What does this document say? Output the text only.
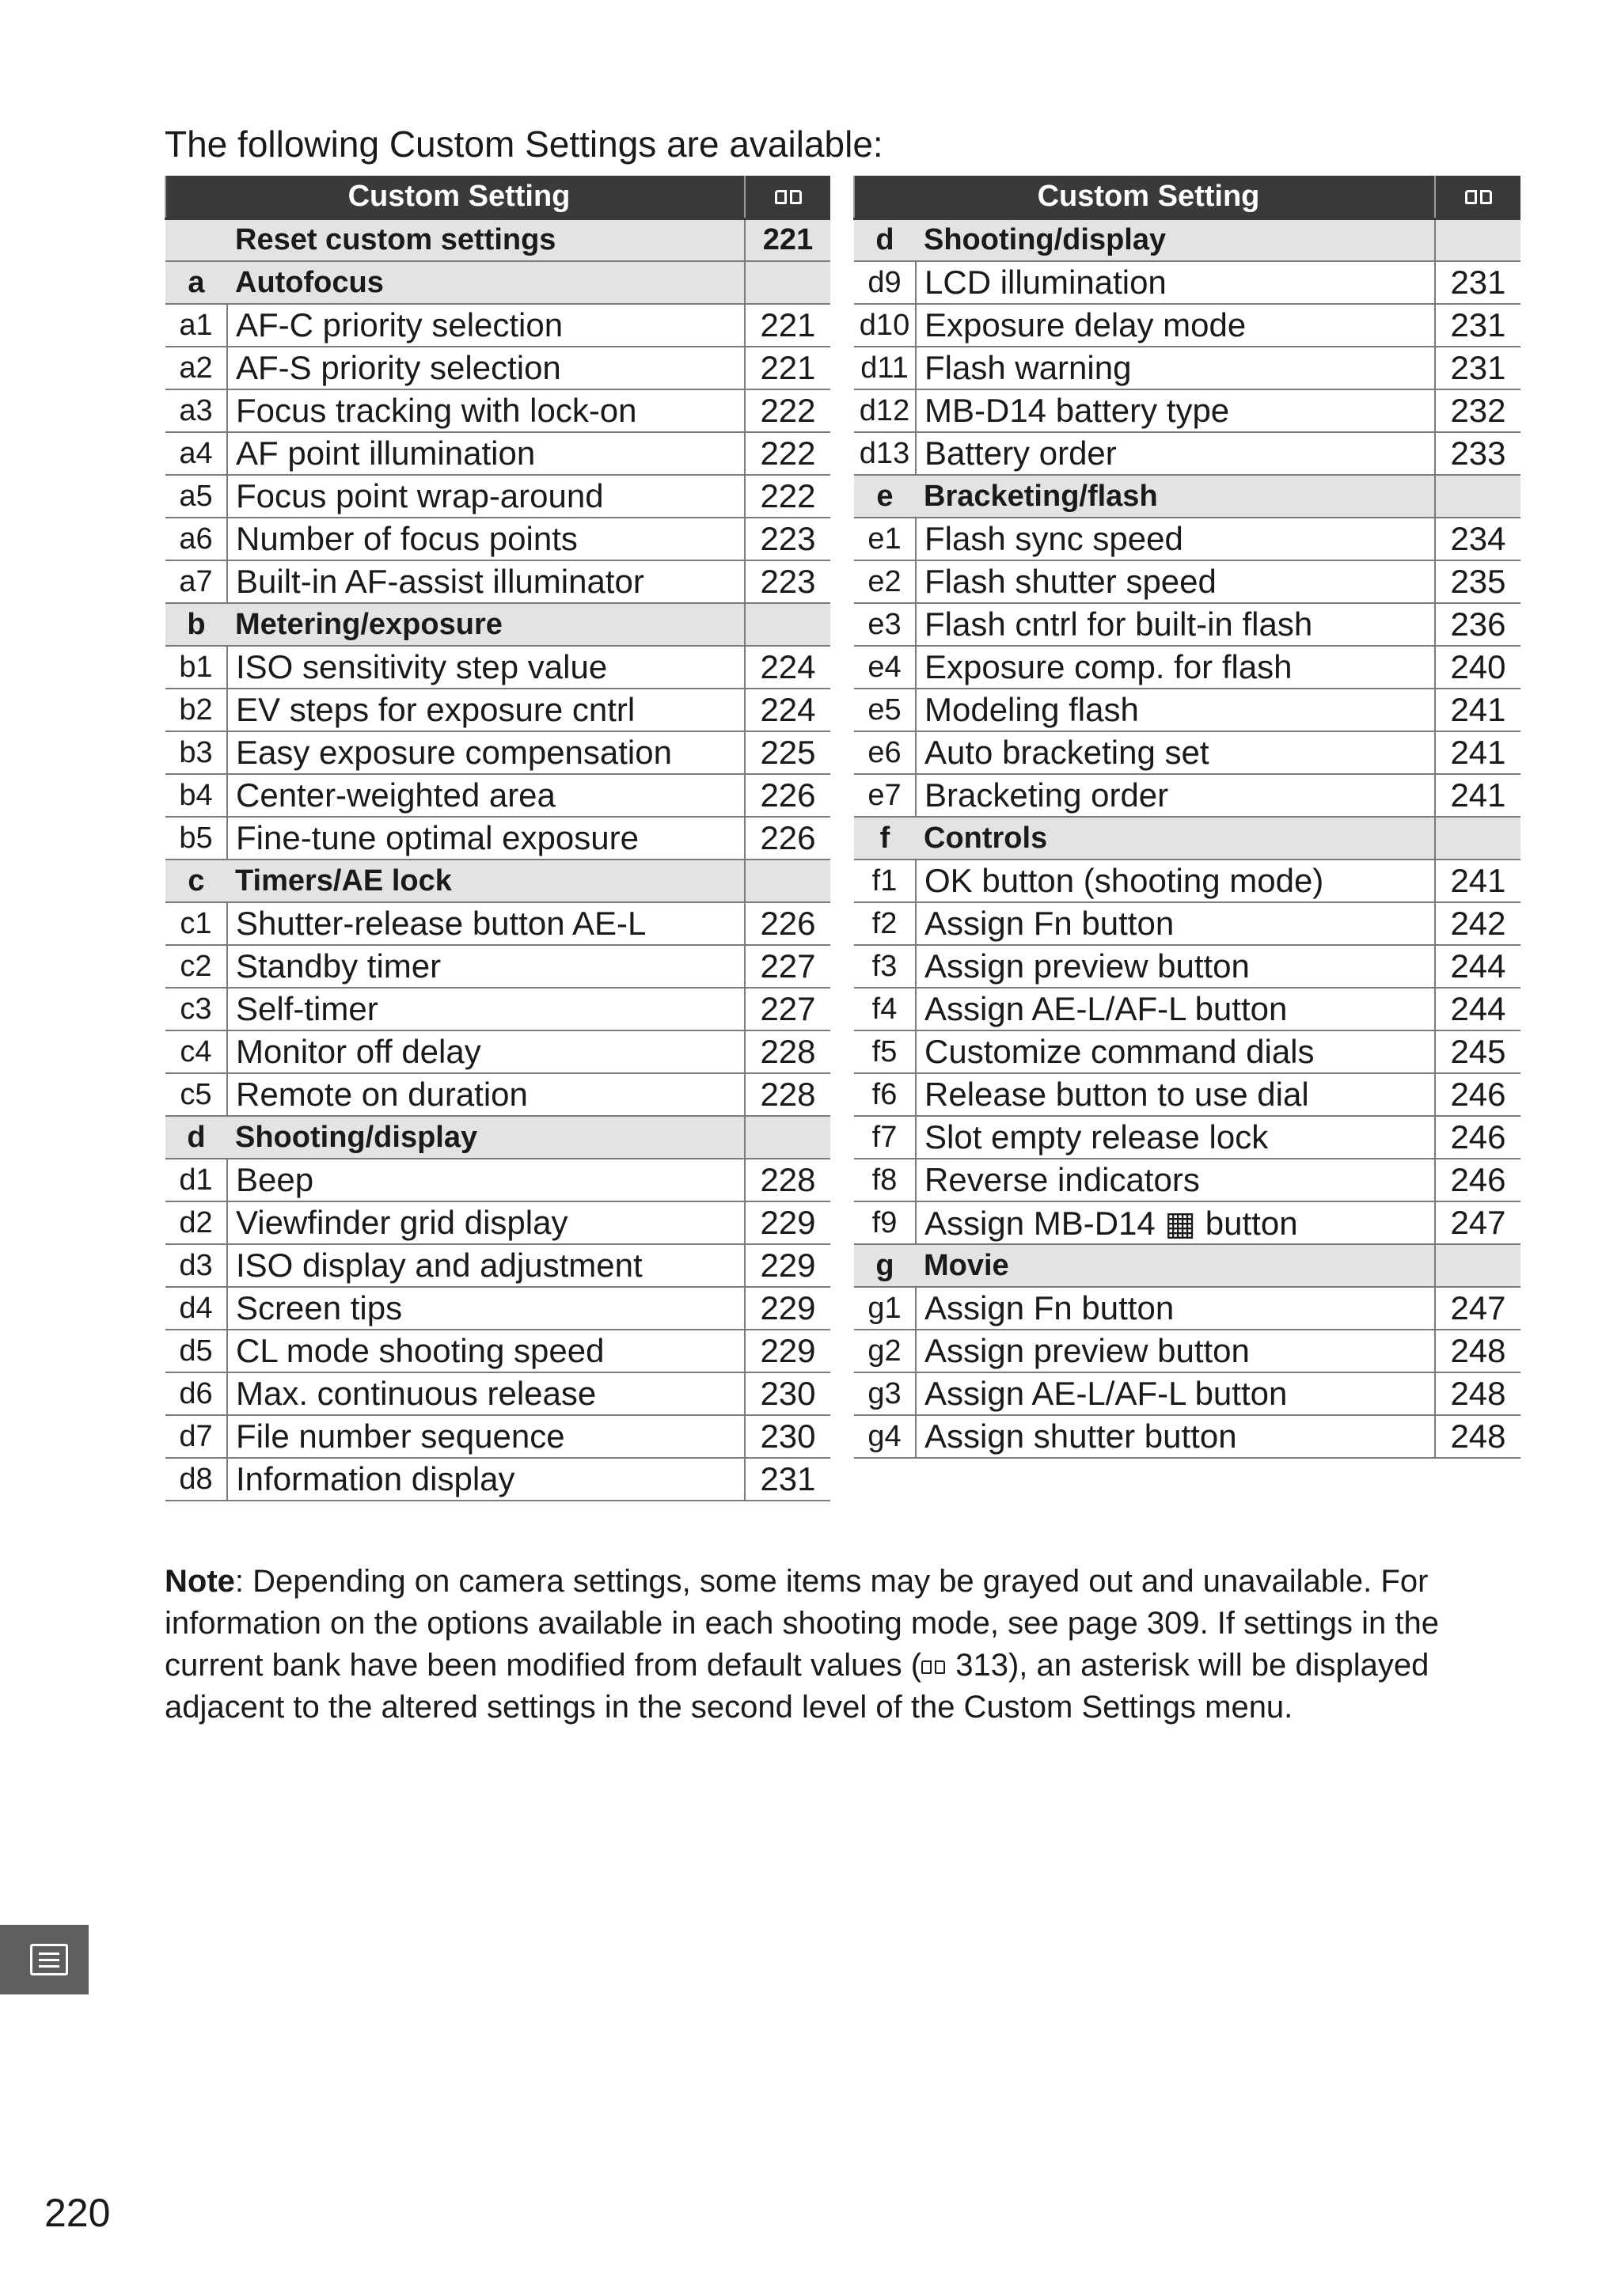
The following Custom Settings are available:
Custom Setting		
	Reset custom settings	221
a	Autofocus	
a1	AF-C priority selection	221
a2	AF-S priority selection	221
a3	Focus tracking with lock-on	222
a4	AF point illumination	222
a5	Focus point wrap-around	222
a6	Number of focus points	223
a7	Built-in AF-assist illuminator	223
b	Metering/exposure	
b1	ISO sensitivity step value	224
b2	EV steps for exposure cntrl	224
b3	Easy exposure compensation	225
b4	Center-weighted area	226
b5	Fine-tune optimal exposure	226
c	Timers/AE lock	
c1	Shutter-release button AE-L	226
c2	Standby timer	227
c3	Self-timer	227
c4	Monitor off delay	228
c5	Remote on duration	228
d	Shooting/display	
d1	Beep	228
d2	Viewfinder grid display	229
d3	ISO display and adjustment	229
d4	Screen tips	229
d5	CL mode shooting speed	229
d6	Max. continuous release	230
d7	File number sequence	230
d8	Information display	231
Custom Setting		
d	Shooting/display	
d9	LCD illumination	231
d10	Exposure delay mode	231
d11	Flash warning	231
d12	MB-D14 battery type	232
d13	Battery order	233
e	Bracketing/flash	
e1	Flash sync speed	234
e2	Flash shutter speed	235
e3	Flash cntrl for built-in flash	236
e4	Exposure comp. for flash	240
e5	Modeling flash	241
e6	Auto bracketing set	241
e7	Bracketing order	241
f	Controls	
f1	OK button (shooting mode)	241
f2	Assign Fn button	242
f3	Assign preview button	244
f4	Assign AE-L/AF-L button	244
f5	Customize command dials	245
f6	Release button to use dial	246
f7	Slot empty release lock	246
f8	Reverse indicators	246
f9	Assign MB-D14 ▦ button	247
g	Movie	
g1	Assign Fn button	247
g2	Assign preview button	248
g3	Assign AE-L/AF-L button	248
g4	Assign shutter button	248
Note: Depending on camera settings, some items may be grayed out and unavailable. For information on the options available in each shooting mode, see page 309. If settings in the current bank have been modified from default values ( 313), an asterisk will be displayed adjacent to the altered settings in the second level of the Custom Settings menu.
220
